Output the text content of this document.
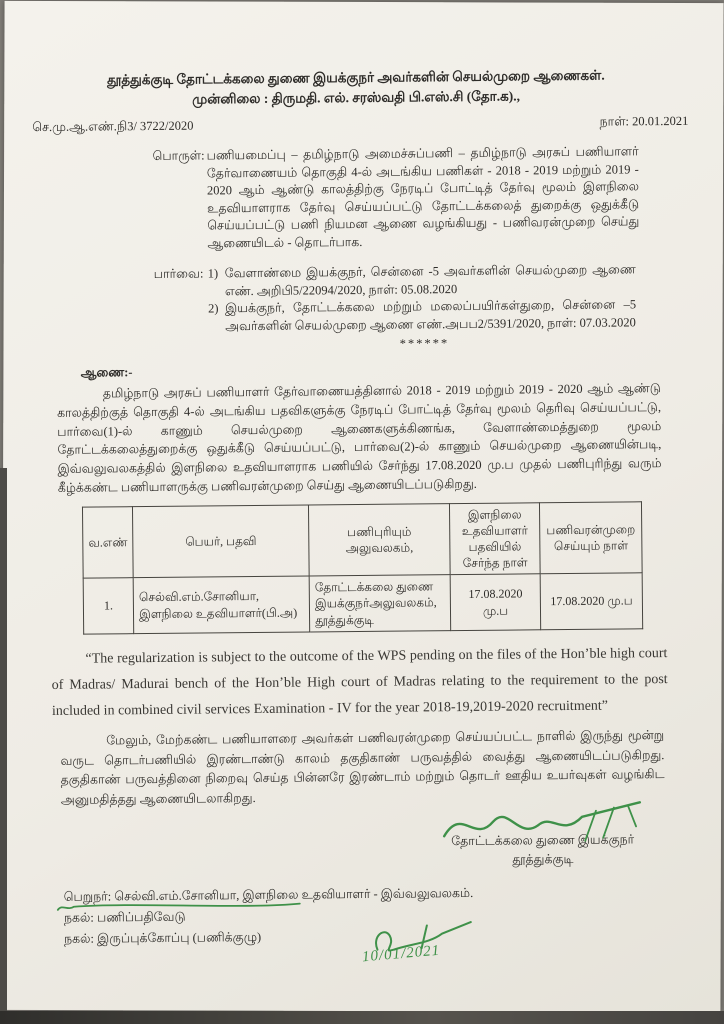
தூத்துக்குடி தோட்டக்கலை துணை இயக்குநர் அவர்களின் செயல்முறை ஆணைகள்.
முன்னிலை : திருமதி. எல். சரஸ்வதி பி.எஸ்.சி (தோ.க).,
செ.மு.ஆ.எண்.நி3/ 3722/2020	நாள்: 20.01.2021
பொருள்: பணியமைப்பு – தமிழ்நாடு அமைச்சுப்பணி – தமிழ்நாடு அரசுப் பணியாளர் தேர்வாணையம் தொகுதி 4-ல் அடங்கிய பணிகள் - 2018 - 2019 மற்றும் 2019 - 2020 ஆம் ஆண்டு காலத்திற்கு நேரடிப் போட்டித் தேர்வு மூலம் இளநிலை உதவியாளராக தேர்வு செய்யப்பட்டு தோட்டக்கலைத் துறைக்கு ஒதுக்கீடு செய்யப்பட்டு பணி நியமன ஆணை வழங்கியது - பணிவரன்முறை செய்து ஆணையிடல் - தொடர்பாக.
பார்வை: 1) வேளாண்மை இயக்குநர், சென்னை -5 அவர்களின் செயல்முறை ஆணை எண். அறிபி5/22094/2020, நாள்: 05.08.2020
2) இயக்குநர், தோட்டக்கலை மற்றும் மலைப்பயிர்கள்துறை, சென்னை –5 அவர்களின் செயல்முறை ஆணை எண்.அபப2/5391/2020, நாள்: 07.03.2020
******
ஆணை:-
தமிழ்நாடு அரசுப் பணியாளர் தேர்வாணையத்தினால் 2018 - 2019 மற்றும் 2019 - 2020 ஆம் ஆண்டு காலத்திற்குத் தொகுதி 4-ல் அடங்கிய பதவிகளுக்கு நேரடிப் போட்டித் தேர்வு மூலம் தெரிவு செய்யப்பட்டு, பார்வை(1)-ல் காணும் செயல்முறை ஆணைகளுக்கிணங்க, வேளாண்மைத்துறை மூலம் தோட்டக்கலைத்துறைக்கு ஒதுக்கீடு செய்யப்பட்டு, பார்வை(2)-ல் காணும் செயல்முறை ஆணையின்படி, இவ்வலுவலகத்தில் இளநிலை உதவியாளராக பணியில் சேர்ந்து 17.08.2020 மு.ப முதல் பணிபுரிந்து வரும் கீழ்க்கண்ட பணியாளருக்கு பணிவரன்முறை செய்து ஆணையிடப்படுகிறது.
வ.எண்	பெயர், பதவி	பணிபுரியும் அலுவலகம்,	இளநிலை உதவியாளர் பதவியில் சேர்ந்த நாள்	பணிவரன்முறை செய்யும் நாள்
1.	செல்வி.எம்.சோனியா, இளநிலை உதவியாளர்(பி.அ)	தோட்டக்கலை துணை இயக்குநர்அலுவலகம், தூத்துக்குடி	17.08.2020 மு.ப	17.08.2020 மு.ப
“The regularization is subject to the outcome of the WPS pending on the files of the Hon’ble high court of Madras/ Madurai bench of the Hon’ble High court of Madras relating to the requirement to the post included in combined civil services Examination - IV for the year 2018-19,2019-2020 recruitment”
மேலும், மேற்கண்ட பணியாளரை அவர்கள் பணிவரன்முறை செய்யப்பட்ட நாளில் இருந்து மூன்று வருட தொடர்பணியில் இரண்டாண்டு காலம் தகுதிகாண் பருவத்தில் வைத்து ஆணையிடப்படுகிறது. தகுதிகாண் பருவத்தினை நிறைவு செய்த பின்னரே இரண்டாம் மற்றும் தொடர் ஊதிய உயர்வுகள் வழங்கிட அனுமதித்தது ஆணையிடலாகிறது.
தோட்டக்கலை துணை இயக்குநர்
தூத்துக்குடி
பெறுநர்: செல்வி.எம்.சோனியா, இளநிலை உதவியாளர் - இவ்வலுவலகம்.
நகல்: பணிப்பதிவேடு
நகல்: இருப்புக்கோப்பு (பணிக்குழு)
10/01/2021
